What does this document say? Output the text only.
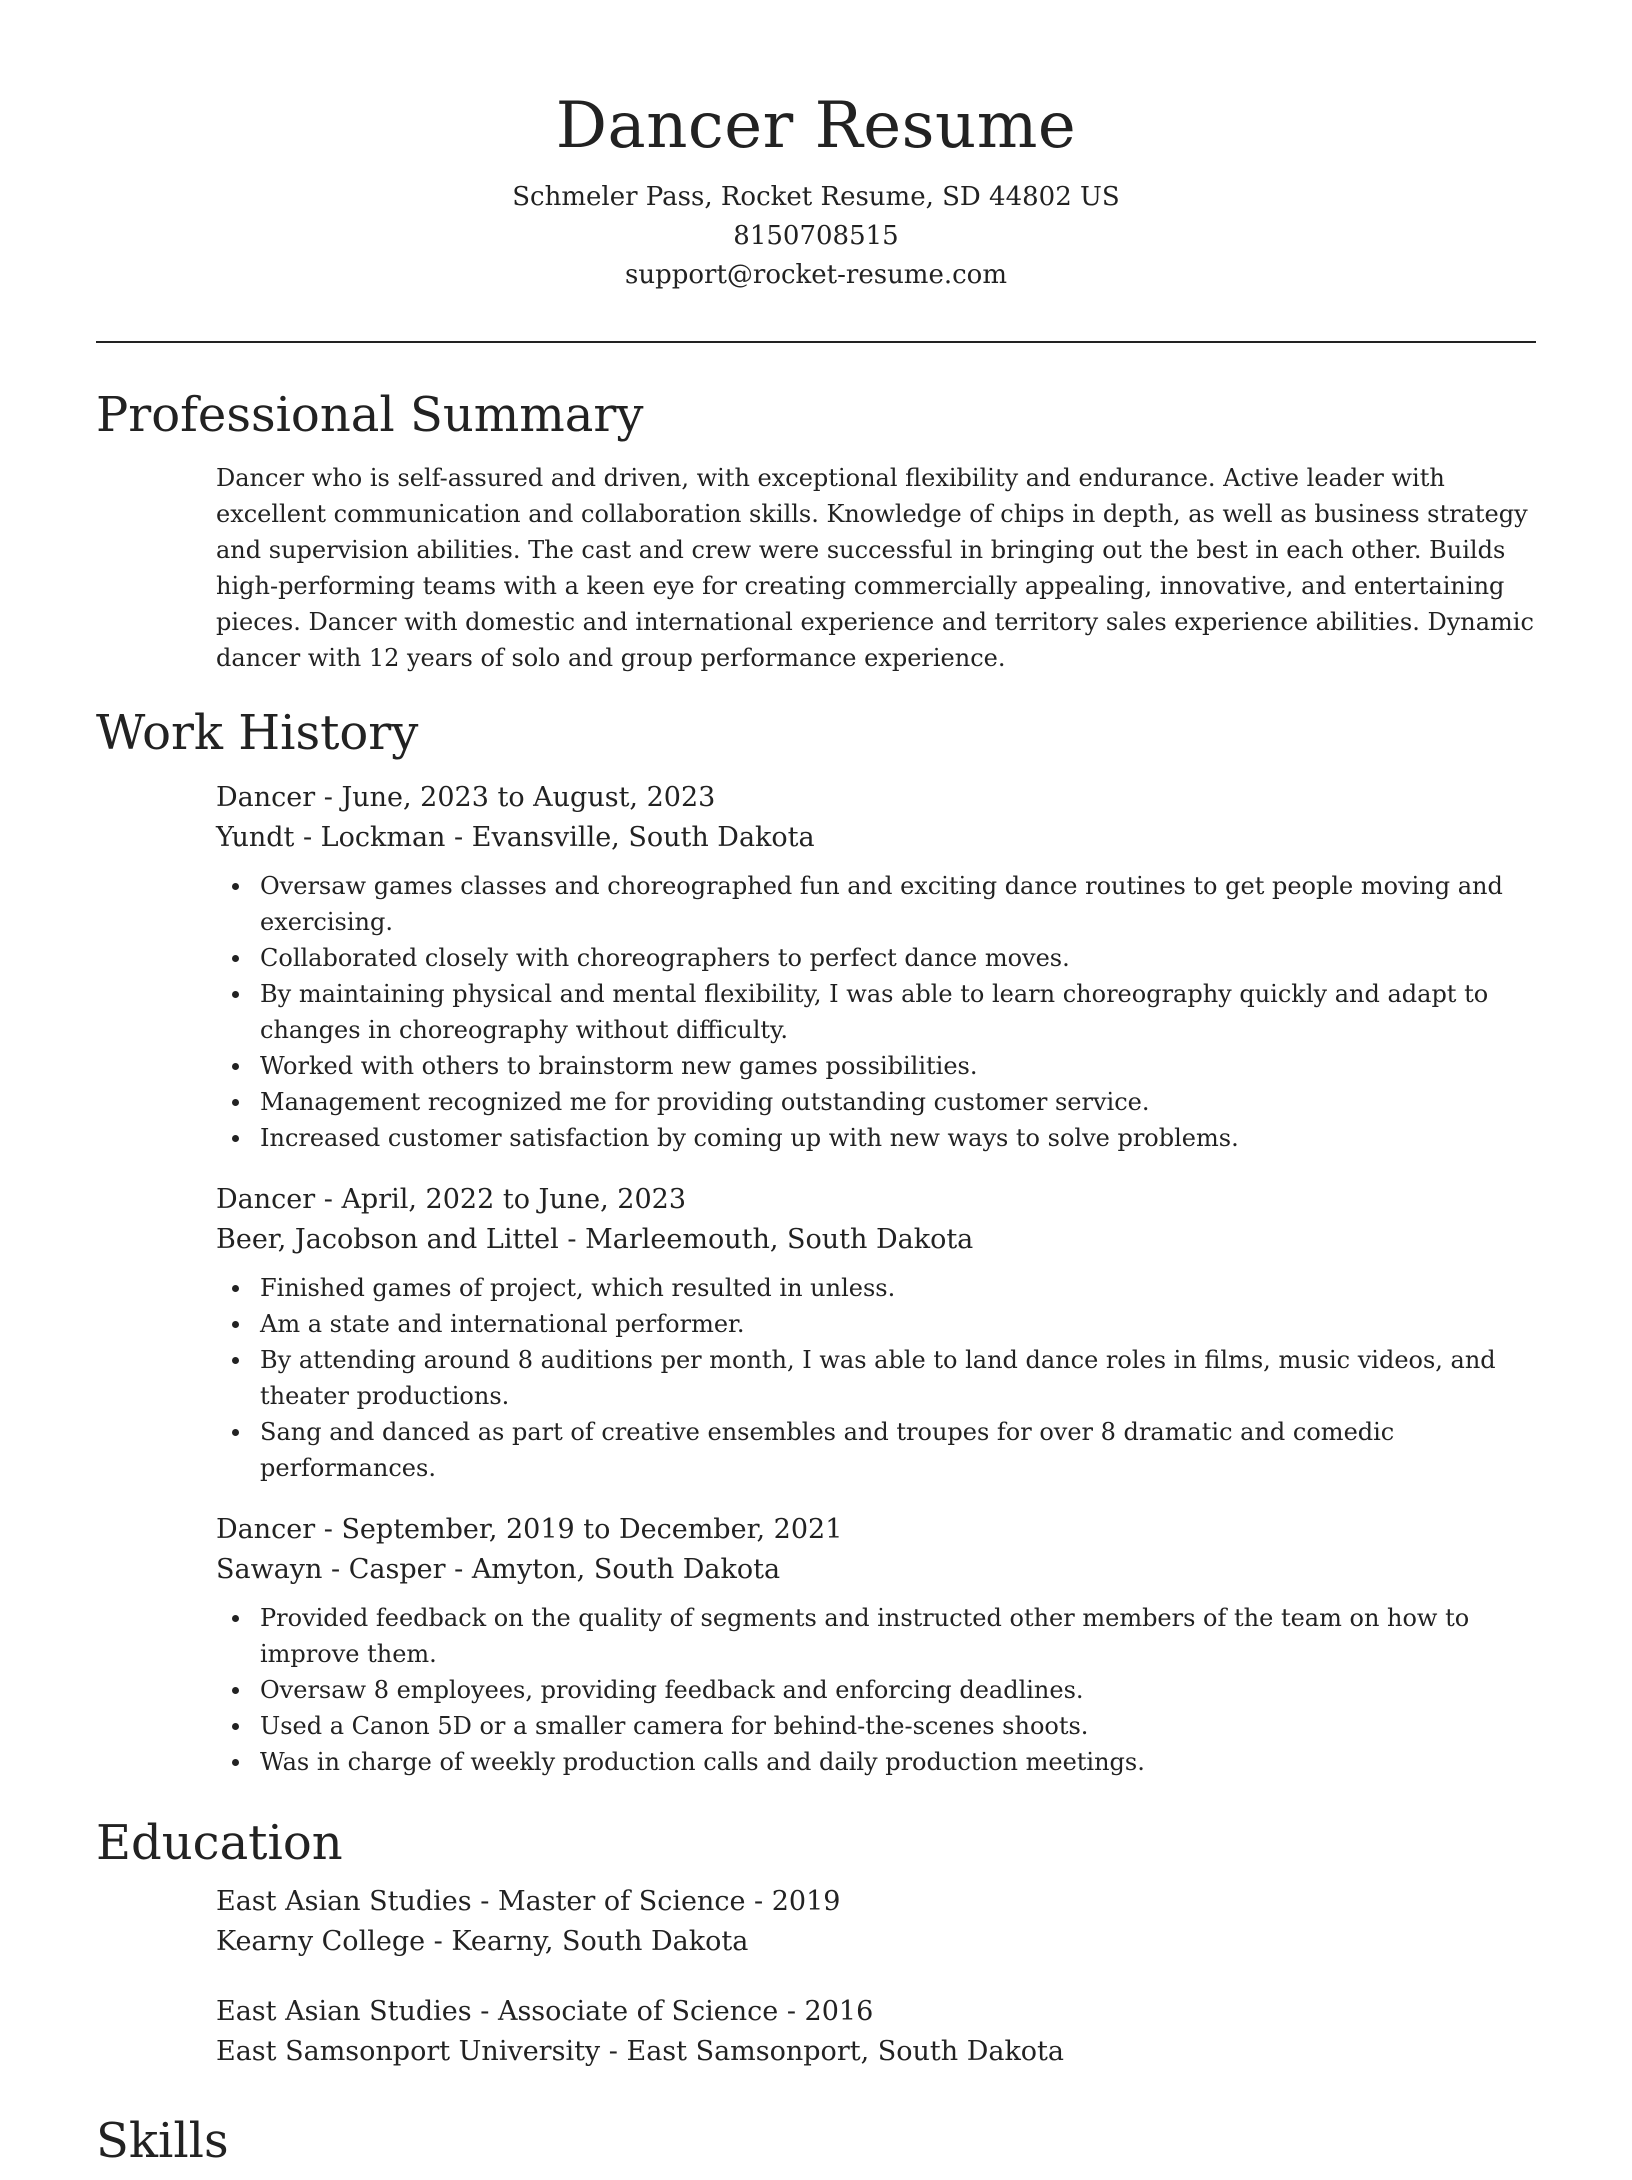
Dancer Resume
Schmeler Pass, Rocket Resume, SD 44802 US
8150708515
support@rocket-resume.com
Professional Summary

Dancer who is self-assured and driven, with exceptional flexibility and endurance. Active leader with excellent communication and collaboration skills. Knowledge of chips in depth, as well as business strategy and supervision abilities. The cast and crew were successful in bringing out the best in each other. Builds high-performing teams with a keen eye for creating commercially appealing, innovative, and entertaining pieces. Dancer with domestic and international experience and territory sales experience abilities. Dynamic dancer with 12 years of solo and group performance experience.

Work History
Dancer - June, 2023 to August, 2023
Yundt - Lockman - Evansville, South Dakota
Oversaw games classes and choreographed fun and exciting dance routines to get people moving and exercising.
Collaborated closely with choreographers to perfect dance moves.
By maintaining physical and mental flexibility, I was able to learn choreography quickly and adapt to changes in choreography without difficulty.
Worked with others to brainstorm new games possibilities.
Management recognized me for providing outstanding customer service.
Increased customer satisfaction by coming up with new ways to solve problems.
Dancer - April, 2022 to June, 2023
Beer, Jacobson and Littel - Marleemouth, South Dakota
Finished games of project, which resulted in unless.
Am a state and international performer.
By attending around 8 auditions per month, I was able to land dance roles in films, music videos, and theater productions.
Sang and danced as part of creative ensembles and troupes for over 8 dramatic and comedic performances.
Dancer - September, 2019 to December, 2021
Sawayn - Casper - Amyton, South Dakota
Provided feedback on the quality of segments and instructed other members of the team on how to improve them.
Oversaw 8 employees, providing feedback and enforcing deadlines.
Used a Canon 5D or a smaller camera for behind-the-scenes shoots.
Was in charge of weekly production calls and daily production meetings.
Education
East Asian Studies - Master of Science - 2019
Kearny College - Kearny, South Dakota
East Asian Studies - Associate of Science - 2016
East Samsonport University - East Samsonport, South Dakota
Skills
